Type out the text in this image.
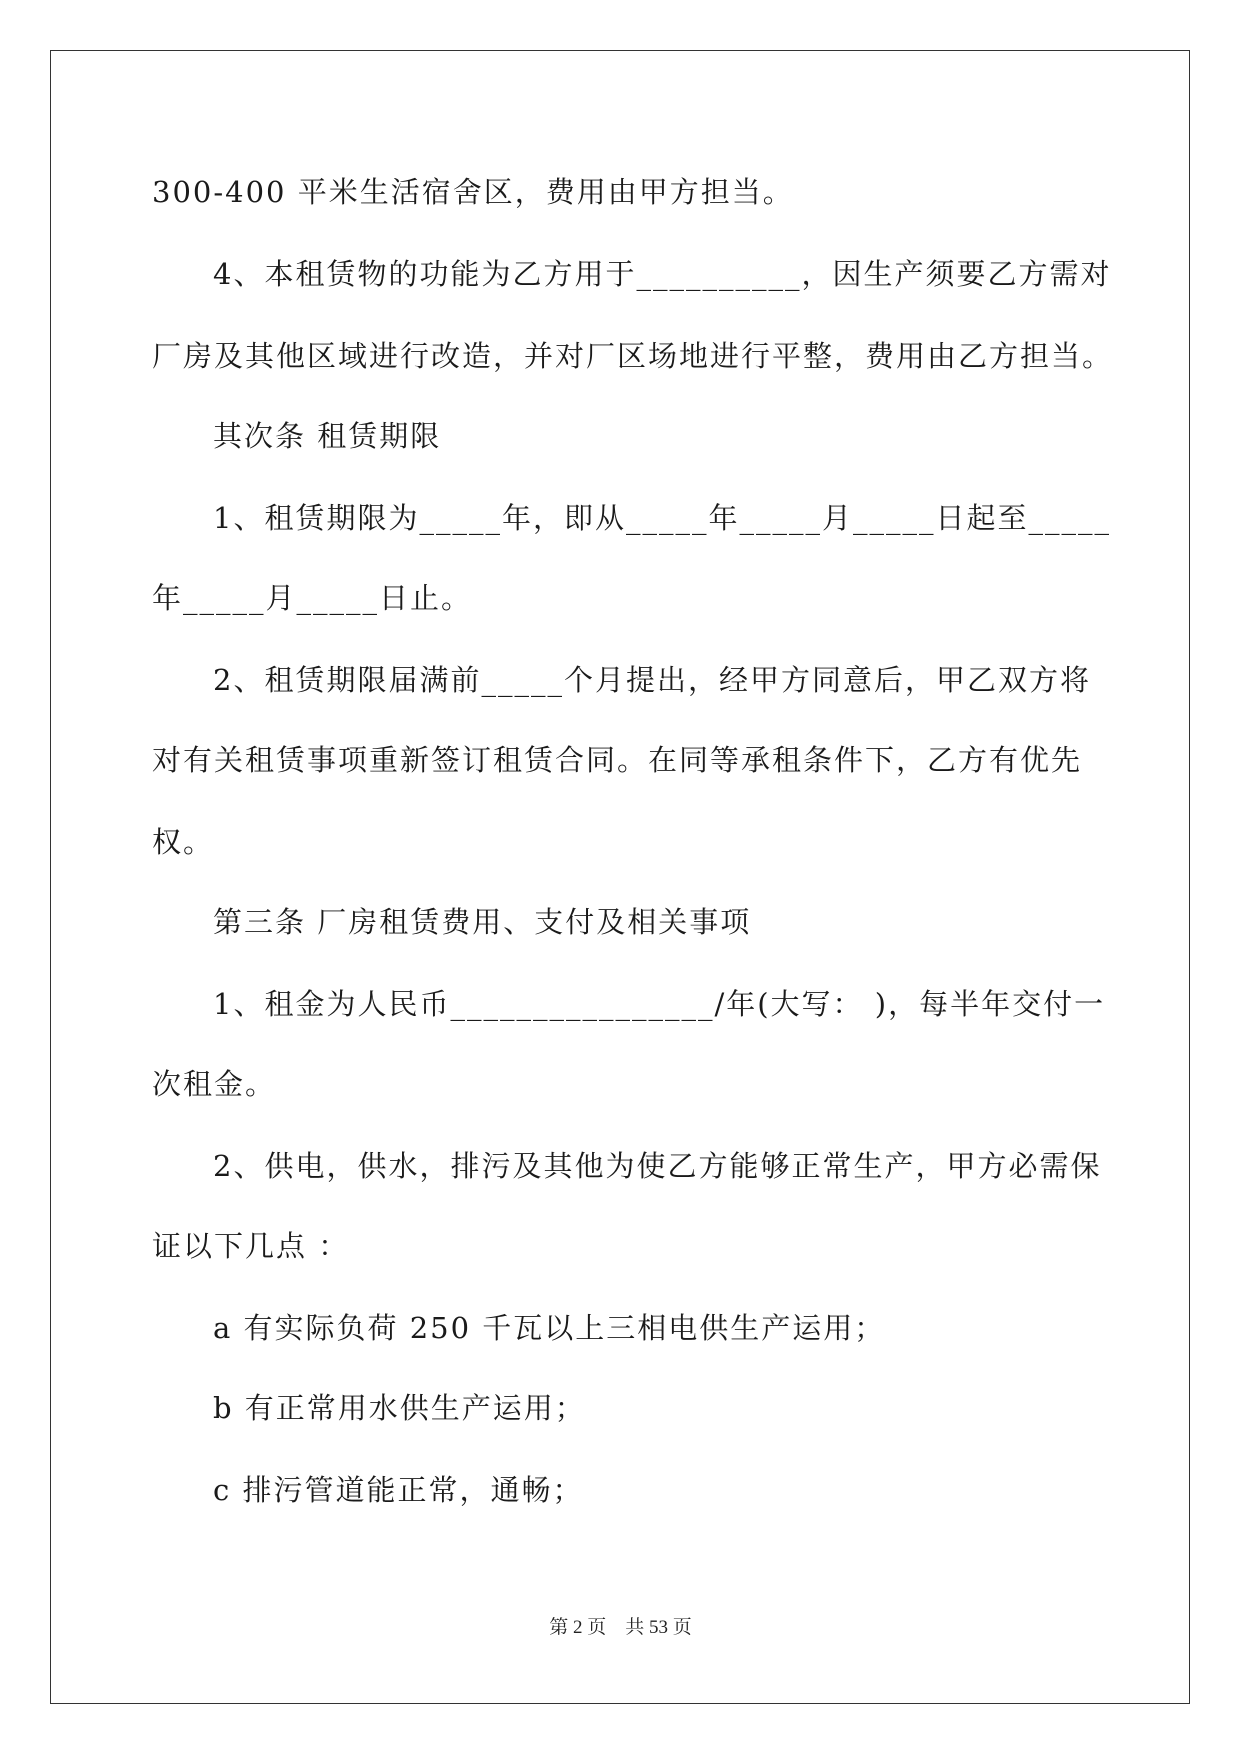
300-400 平米生活宿舍区，费用由甲方担当。
4、本租赁物的功能为乙方用于__________，因生产须要乙方需对
厂房及其他区域进行改造，并对厂区场地进行平整，费用由乙方担当。
其次条 租赁期限
1、租赁期限为_____年，即从_____年_____月_____日起至_____
年_____月_____日止。
2、租赁期限届满前_____个月提出，经甲方同意后，甲乙双方将
对有关租赁事项重新签订租赁合同。在同等承租条件下，乙方有优先
权。
第三条 厂房租赁费用、支付及相关事项
1、租金为人民币________________/年(大写： )，每半年交付一
次租金。
2、供电，供水，排污及其他为使乙方能够正常生产，甲方必需保
证以下几点 ：
a 有实际负荷 250 千瓦以上三相电供生产运用；
b 有正常用水供生产运用；
c 排污管道能正常，通畅；
第 2 页    共 53 页
